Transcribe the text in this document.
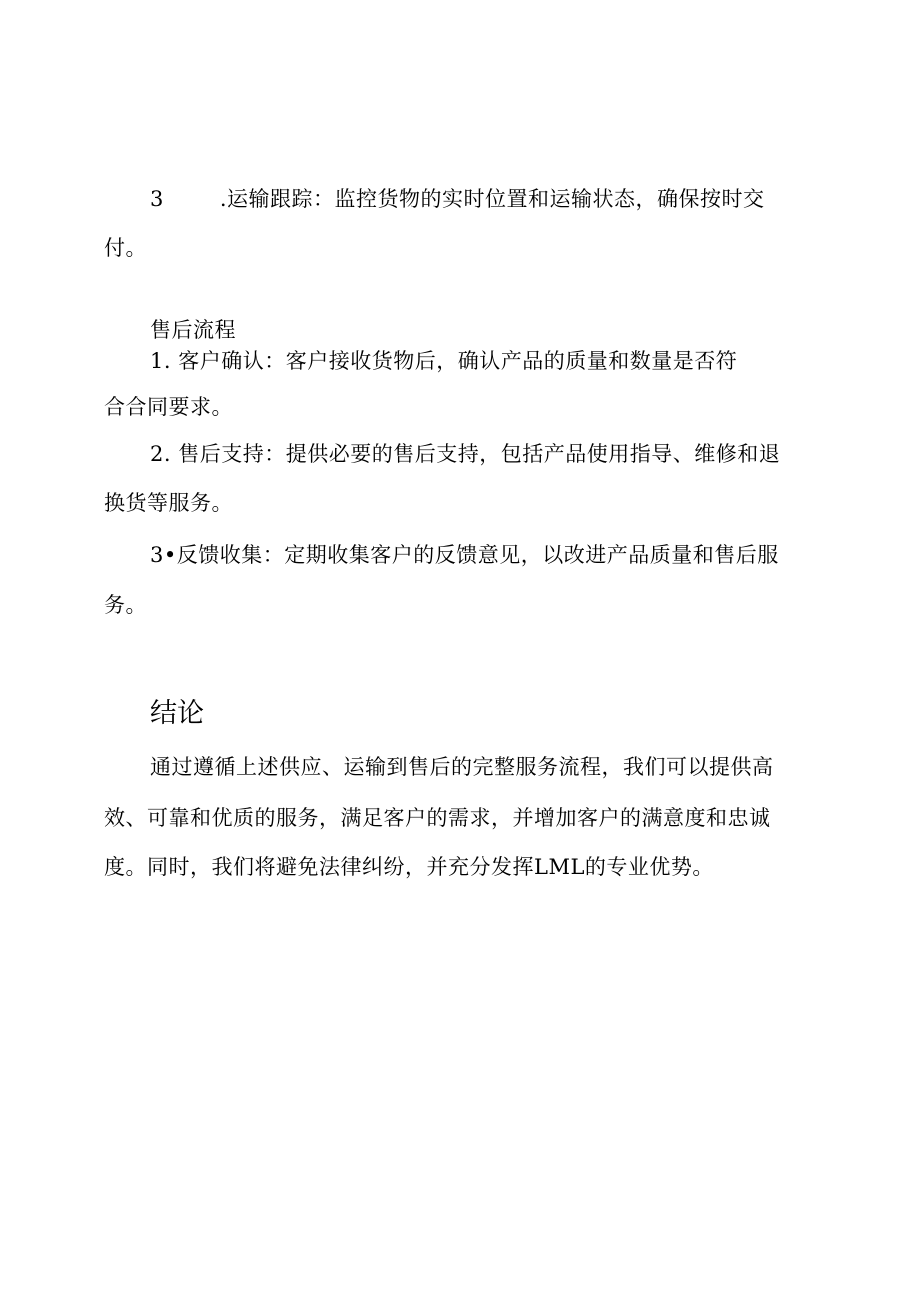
3	.运输跟踪：监控货物的实时位置和运输状态，确保按时交
付。
售后流程
1. 客户确认：客户接收货物后，确认产品的质量和数量是否符
合合同要求。
2. 售后支持：提供必要的售后支持，包括产品使用指导、维修和退
换货等服务。
3•反馈收集：定期收集客户的反馈意见，以改进产品质量和售后服
务。
结论
通过遵循上述供应、运输到售后的完整服务流程，我们可以提供高
效、可靠和优质的服务，满足客户的需求，并增加客户的满意度和忠诚
度。同时，我们将避免法律纠纷，并充分发挥LML的专业优势。
